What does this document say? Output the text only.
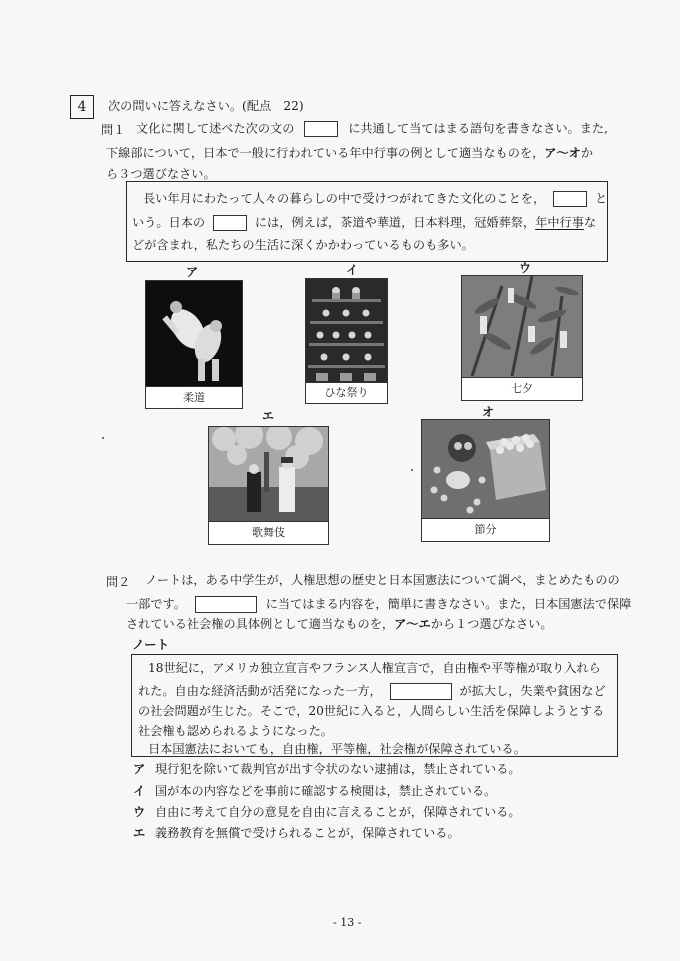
4	次の問いに答えなさい。(配点　22)
問１ 文化に関して述べた次の文の	に共通して当てはまる語句を書きなさい。また,
下線部について，日本で一般に行われている年中行事の例として適当なものを，ア〜オか
ら３つ選びなさい。
長い年月にわたって人々の暮らしの中で受けつがれてきた文化のことを，	と
いう。日本の	には，例えば，茶道や華道，日本料理，冠婚葬祭，年中行事な
どが含まれ，私たちの生活に深くかかわっているものも多い。
ア
柔道
イ
ひな祭り
ウ
七夕
エ
歌舞伎
オ
節分
問２ ノートは，ある中学生が，人権思想の歴史と日本国憲法について調べ，まとめたものの
一部です。	に当てはまる内容を，簡単に書きなさい。また，日本国憲法で保障
されている社会権の具体例として適当なものを，ア〜エから１つ選びなさい。
ノート
18世紀に，アメリカ独立宣言やフランス人権宣言で，自由権や平等権が取り入れら
れた。自由な経済活動が活発になった一方，	が拡大し，失業や貧困など
の社会問題が生じた。そこで，20世紀に入ると，人間らしい生活を保障しようとする
社会権も認められるようになった。
日本国憲法においても，自由権，平等権，社会権が保障されている。
ア 現行犯を除いて裁判官が出す令状のない逮捕は，禁止されている。
イ 国が本の内容などを事前に確認する検閲は，禁止されている。
ウ 自由に考えて自分の意見を自由に言えることが，保障されている。
エ 義務教育を無償で受けられることが，保障されている。
- 13 -
